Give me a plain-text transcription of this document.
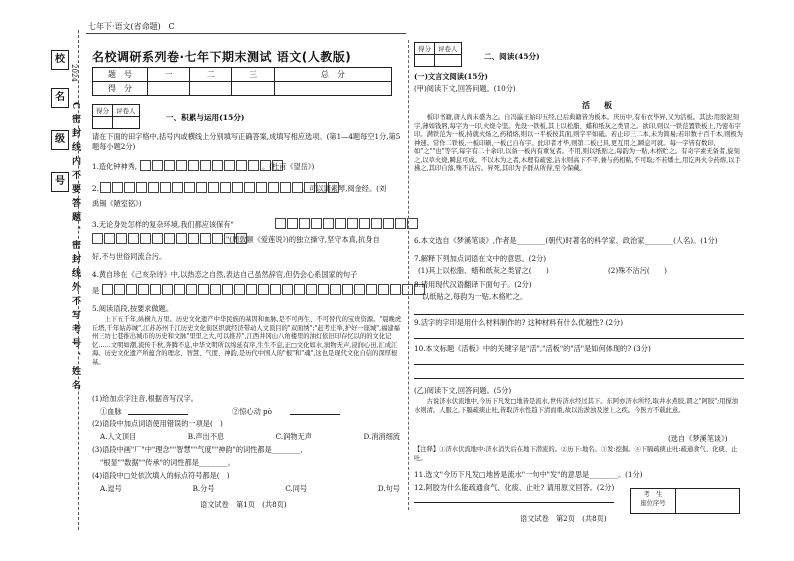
校
名
级
号
2024
C密封线内不要答题、密封线外不写考号、姓名
七年下·语文(省命题) C
名校调研系列卷·七年下期末测试 语文(人教版)
题　号	一	二	三	总　分
得　分				
得分	评卷人

一、积累与运用(15分)
请在下面的田字格中,括号内或横线上分别填写正确答案,成填写相应选项。(第1—4题每空1分,第5题每小题2分)
1.造化钟神秀,	。(杜甫《望岳》)
2.	。可以调素琴,阅金经。(刘
禹锡《陋室铭》)
3.无论身处怎样的复杂环境,我们都应该保有"
"(周敦颐《爱莲说》)的独立操守,坚守本真,抗身自
好,不与世俗同流合污。
4.黄自珍在《己亥杂诗》中,以热恋之自然,表达自己虽然辞官,但仍会心系国家的句子
是
5.阅读语段,按要求做题。
上下五千年,纵横九万里。历史文化遗产中华民族的基因和血脉,是不可再生、不可替代的宝贵资源。"晨晚虎丘塔,千年姑苏城",江苏苏州千江历史文化街区织就经济带动人文顶目的"双面绣";"赶考庄举,护好一座城",福建福州三坊七巷推出城市的历史和文脉"里里之大,可以推荐",江西井冈山八角楼里的油灯依旧印存忆以的的文化记忆……文明如潮,流传千秋,奔腾不息,中华文明所以绵延有序,生生不息,正□文化如水,润物无声,浸润心田,汇成江海。历史文化遗产所蕴含的理念、智慧、气度、神韵,是历代中国人的"根"和"魂",这也是现代文化自信的深厚根基。
(1)给加点字注音,根据音写汉字。
①血脉	②惊心动 pò
(2)语段中加点词语使用错误的一项是(　)
A.人文顶目	B.声出不息	C.润物无声	D.消消细流
(3)语段中画"厂"中"理念""智慧""气度""神韵"的词性都是________,
"根显""数据""传承"的词性都是________。
(4)语段中□处依次填入的标点符号都是(　)
A.逗号	B.分号	C.同号	D.句号
语文试卷　第1页　(共8页)
得分	评卷人

二、阅读(45分)
(一)文言文阅读(15分)
(甲)阅读下文,回答问题。(10分)
活　板
板印书籍,唐人尚未盛为之。自冯瀛王始印五经,已后典籍皆为板本。庆历中,有布衣毕昇,又为活板。其法:用胶泥刻字,薄如钱唇,每字为一印,火烧令坚。先设一铁板,其上以松脂、蜡和纸灰之类冒之。欲印,则以一铁范置铁板上,乃密布字印。满铁范为一板,持就火炀之,药稍熔,则以一平板按其面,则字平如砥。若止印三二本,未为简易;若印数十百千本,则极为神速。常作二铁板,一板印刷,一板已自布字。此印者才毕,则第二板已具,更互用之,瞬息可就。每一字皆有数印,如"之""也"等字,每字有二十余印,以备一板内有重复者。不用,则以纸贴之,每韵为一贴,木格贮之。有奇字素无备者,旋刻之,以草火烧,瞬息可成。不以木为之者,木理有疏密,沾水则高下不平,兼与药相粘,不可取;不若燔土,用讫再火令药熔,以手拂之,其印自落,殊不沾污。昇死,其印为予群从所得,至今保藏。
6.本文选自《梦溪笔谈》,作者是________(朝代)时著名的科学家、政治家________(人名)。(1分)
7.解释下列加点词语在文中的意思。(2分)
(1)其上以松脂、蜡和纸灰之类冒之(　　)	(2)殊不沾污(　　)
8.请用现代汉语翻译下面句子。(2分)
以纸贴之,每韵为一贴,木格贮之。
9.活字的字印是用什么材料制作的? 这种材料有什么优越性? (2分)
10.本文标题《活板》中的关键字是"活","活板"的"活"是如何体现的? (3分)
(乙)阅读下文,回答问题。(5分)
古说济水伏流地中,今历下凡发□地皆是流水,世传济水经过其下。东阿亦济水所经,取井水煮胶,谓之"阿胶";用搅浊水则清。人服之,下膈疏痰止吐,皆取济水性趋下清而重,故以治淤浊及逆上之疾。今医方不载此意。
(选自《梦溪笔谈》)
【注释】①济水伏流地中:济水消失后在地下潜流的。②历下:地名。③发:挖掘。④下膈疏痰止吐:疏通食气、化痰、止吐。
11.选文"今历下凡发□地皆是流水"一句中"发"的意思是________。(1分)
12.阿胶为什么能疏通食气、化痰、止吐? 请用原文回答。(2分)
考　生
座位序号
语文试卷　第2页　(共8页)
